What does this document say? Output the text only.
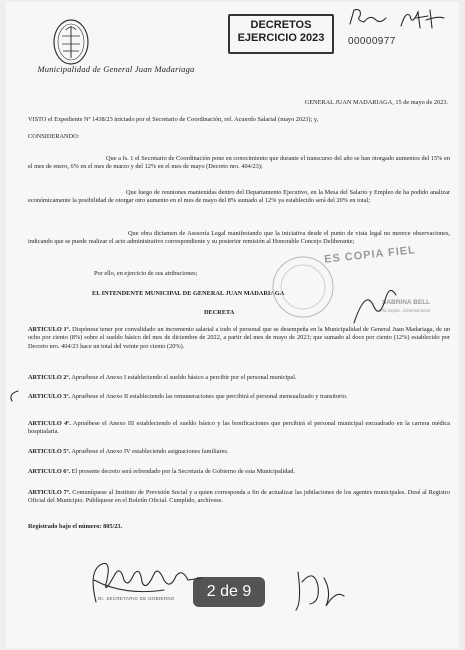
Municipalidad de General Juan Madariaga
DECRETOS
EJERCICIO 2023	00000977
GENERAL JUAN MADARIAGA, 15 de mayo de 2023.
VISTO el Expediente Nº 1438/23 iniciado por el Secretario de Coordinación, ref. Acuerdo Salarial (mayo 2023); y,
CONSIDERANDO:
Que a fs. 1 el Secretario de Coordinación pone en conocimiento que durante el transcurso del año se han otorgado aumentos del 15% en el mes de enero, 6% en el mes de marzo y del 12% en el mes de mayo (Decreto nro. 404/23);
Que luego de reuniones mantenidas dentro del Departamento Ejecutivo, en la Mesa del Salario y Empleo de ha podido analizar económicamente la posibilidad de otorgar otro aumento en el mes de mayo del 8% sumado al 12% ya establecido será del 20% en total;
Que obra dictamen de Asesoría Legal manifestando que la iniciativa desde el punto de vista legal no merece observaciones, indicando que se puede realizar el acto administrativo correspondiente y su posterior remisión al Honorable Concejo Deliberante;
Por ello, en ejercicio de sus atribuciones;
EL INTENDENTE MUNICIPAL DE GENERAL JUAN MADARIAGA
DECRETA
ARTICULO 1º. Dispónese tener por convalidado un incremento salarial a todo el personal que se desempeña en la Municipalidad de General Juan Madariaga, de un ocho por ciento (8%) sobre el sueldo básico del mes de diciembre de 2022, a partir del mes de mayo de 2023; que sumado al doce por ciento (12%) establecido por Decreto nro. 404/23 hace un total del veinte por ciento (20%).
ARTICULO 2º. Apruébese el Anexo I estableciendo el sueldo básico a percibir por el personal municipal.
ARTICULO 3º. Apruébese el Anexo II estableciendo las remuneraciones que percibirá el personal mensualizado y transitorio.
ARTICULO 4º. Apruébese el Anexo III estableciendo el sueldo básico y las bonificaciones que percibirá el personal municipal encuadrado en la carrera médica hospitalaria.
ARTICULO 5º. Apruébese el Anexo IV estableciendo asignaciones familiares.
ARTICULO 6º. El presente decreto será refrendado por la Secretaría de Gobierno de esta Municipalidad.
ARTICULO 7º. Comuníquese al Instituto de Previsión Social y a quien corresponda a fin de actualizar las jubilaciones de los agentes municipales. Desé al Registro Oficial del Municipio. Publíquese en el Boletín Oficial. Cumplido, archívese.
Registrado bajo el número: 805/23.
ES COPIA FIEL
SABRINA BELL
Jefa Depto. Administrativo
Dr. SECRETARIO DE GOBIERNO	2 de 9
